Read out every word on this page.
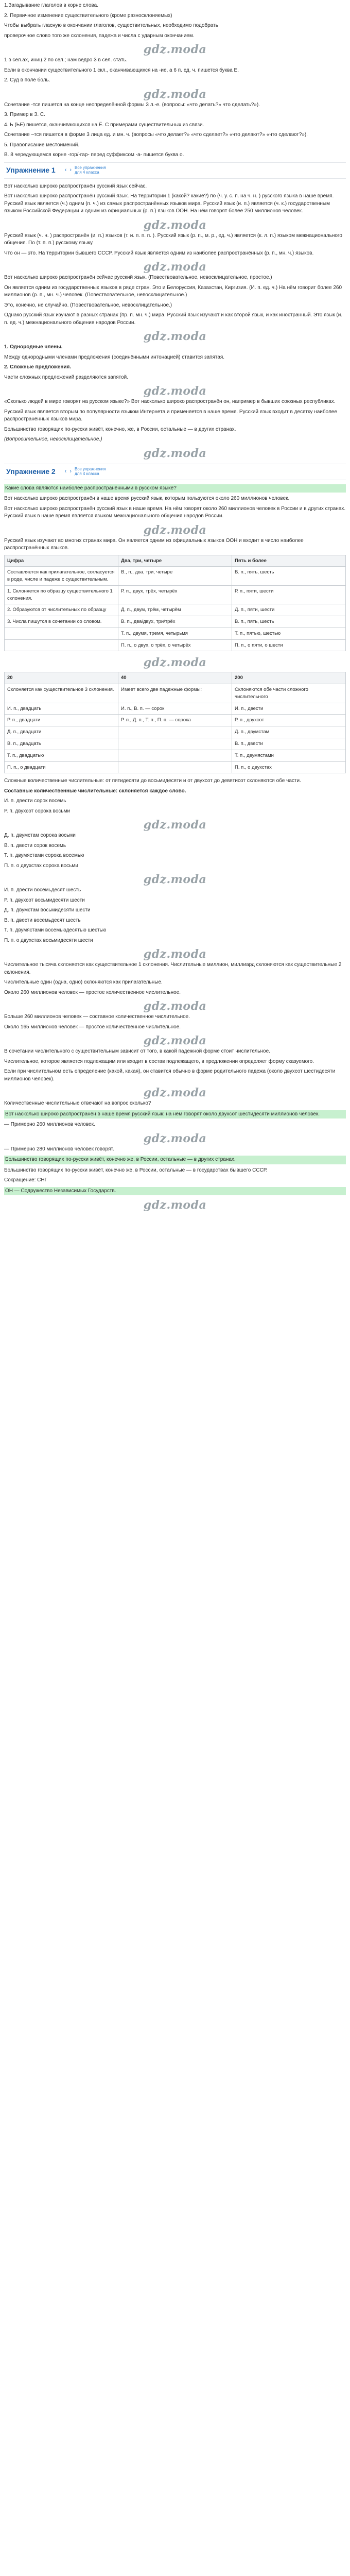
1.Загадывание глаголов в корне слова.

2. Первичное изменение существительного (кроме разносклоняемых)

Чтобы выбрать гласную в окончании глаголов, существительных, необходимо подобрать

проверочное слово того же склонения, падежа и числа с ударным окончанием.

gdz.moda

1 в сел.ах, иниц.2 по сел.; нам ведро 3 в сел. стать.

Если в окончании существительного 1 скл., оканчивающихся на -ие, а 6 п. ед. ч. пишется буква Е.

2. Суд в поле боль.

gdz.moda

Сочетание -тся пишется на конце неопределённой формы 3 л.-е. (вопросы: «что делать?» что сделать?»).

3. Пример в З. С.

4. Ь (ЬЕ) пишется, оканчивающихся на Ё. С примерами существительных из связи.

Сочетание –тся пишется в форме 3 лица ед. и мн. ч. (вопросы «что делает?» «что сделает?» «что делают?» «что сделают?»).

5. Правописание местоимений.

В. 8 чередующемся корне -гор/-гар- перед суффиксом -а- пишется буква о.

Упражнение 1 ‹ › Все упражнения
для 4 класса

Вот насколько широко распространён русский язык сейчас.

Вот насколько широко распространён русский язык. На территории 1 (какой? какие?) по (ч. у. с. п. на ч. н. ) русского языка в наше время. Русский язык является (ч.) одним (п. ч.) из самых распространённых языков мира. Русский язык (и. п.) является (ч. к.) государственным языком Российской Федерации и одним из официальных (р. п.) языков ООН. На нём говорят более 250 миллионов человек.

gdz.moda

Русский язык (ч. н. ) распространён (и. п.) языков (т. и. п. п. п. ). Русский язык (р. п., м. р., ед. ч.) является (к. л. п.) языком межнационального общения. По (т. п. п.) русскому языку.

Что он — это. На территории бывшего СССР. Русский язык является одним из наиболее распространённых (р. п., мн. ч.) языков.

gdz.moda

Вот насколько широко распространён сейчас русский язык. (Повествовательное, невосклицательное, простое.)

Он является одним из государственных языков в ряде стран. Это и Белоруссия, Казахстан, Киргизия. (И. п. ед. ч.) На нём говорит более 260 миллионов (р. п., мн. ч.) человек. (Повествовательное, невосклицательное.)

Это, конечно, не случайно. (Повествовательное, невосклицательное.)

Однако русский язык изучают в разных странах (пр. п. мн. ч.) мира. Русский язык изучают и как второй язык, и как иностранный. Это язык (и. п. ед. ч.) межнационального общения народов России.

gdz.moda

1. Однородные члены.

Между однородными членами предложения (соединёнными интонацией) ставится запятая.

2. Сложные предложения.

Части сложных предложений разделяются запятой.

gdz.moda

«Сколько людей в мире говорят на русском языке?» Вот насколько широко распространён он, например в бывших союзных республиках.

Русский язык является вторым по популярности языком Интернета и применяется в наше время. Русский язык входит в десятку наиболее распространённых языков мира.

Большинство говорящих по-русски живёт, конечно, же, в России, остальные — в других странах.

(Вопросительное, невосклицательное.)

gdz.moda
Упражнение 2 ‹ › Все упражнения
для 4 класса
Какие слова являются наиболее распространёнными в русском языке?

Вот насколько широко распространён в наше время русский язык, которым пользуются около 260 миллионов человек.

Вот насколько широко распространён русский язык в наше время. На нём говорят около 260 миллионов человек в России и в других странах. Русский язык в наше время является языком межнационального общения народов России.

gdz.moda

Русский язык изучают во многих странах мира. Он является одним из официальных языков ООН и входит в число наиболее распространённых языков.

Цифра	Два, три, четыре	Пять и более
Составляется как прилагательное, согласуется в роде, числе и падеже с существительным.	В., п., два, три, четыре	В. п., пять, шесть
1. Склоняется по образцу существительного 1 склонения.	Р. п., двух, трёх, четырёх	Р. п., пяти, шести
2. Образуются от числительных по образцу	Д. п., двум, трём, четырём	Д. п., пяти, шести
3. Числа пишутся в сочетании со словом.	В. п., два/двух, три/трёх	В. п., пять, шесть
	Т. п., двумя, тремя, четырьмя	Т. п., пятью, шестью
	П. п., о двух, о трёх, о четырёх	П. п., о пяти, о шести
gdz.moda
20	40	200
Склоняется как существительное 3 склонения.	Имеет всего две падежные формы:	Склоняются обе части сложного числительного
И. п., двадцать	И. п., В. п. — сорок	И. п., двести
Р. п., двадцати	Р. п., Д. п., Т. п., П. п. — сорока	Р. п., двухсот
Д. п., двадцати		Д. п., двумстам
В. п., двадцать		В. п., двести
Т. п., двадцатью		Т. п., двумястами
П. п., о двадцати		П. п., о двухстах

Сложные количественные числительные: от пятидесяти до восьмидесяти и от двухсот до девятисот склоняются обе части.

Составные количественные числительные: склоняется каждое слово.

И. п. двести сорок восемь

Р. п. двухсот сорока восьми

gdz.moda

Д. п. двумстам сорока восьми

В. п. двести сорок восемь

Т. п. двумястами сорока восемью

П. п. о двухстах сорока восьми

gdz.moda

И. п. двести восемьдесят шесть

Р. п. двухсот восьмидесяти шести

Д. п. двумстам восьмидесяти шести

В. п. двести восемьдесят шесть

Т. п. двумястами восемьюдесятью шестью

П. п. о двухстах восьмидесяти шести

gdz.moda

Числительное тысяча склоняется как существительное 1 склонения. Числительные миллион, миллиард склоняются как существительные 2 склонения.

Числительные один (одна, одно) склоняются как прилагательные.

Около 260 миллионов человек — простое количественное числительное.

gdz.moda

Больше 260 миллионов человек — составное количественное числительное.

Около 165 миллионов человек — простое количественное числительное.

gdz.moda

В сочетании числительного с существительным зависит от того, в какой падежной форме стоит числительное.

Числительное, которое является подлежащим или входит в состав подлежащего, в предложении определяет форму сказуемого.

Если при числительном есть определение (какой, какая), он ставится обычно в форме родительного падежа (около двухсот шестидесяти миллионов человек).

gdz.moda

Количественные числительные отвечают на вопрос сколько?

Вот насколько широко распространён в наше время русский язык: на нём говорят около двухсот шестидесяти миллионов человек.

— Примерно 260 миллионов человек.

gdz.moda

— Примерно 280 миллионов человек говорят.

Большинство говорящих по-русски живёт, конечно же, в России, остальные — в других странах.

Большинство говорящих по-русски живёт, конечно же, в России, остальные — в государствах бывшего СССР.

Сокращение: СНГ

ОН — Содружество Независимых Государств.
gdz.moda
